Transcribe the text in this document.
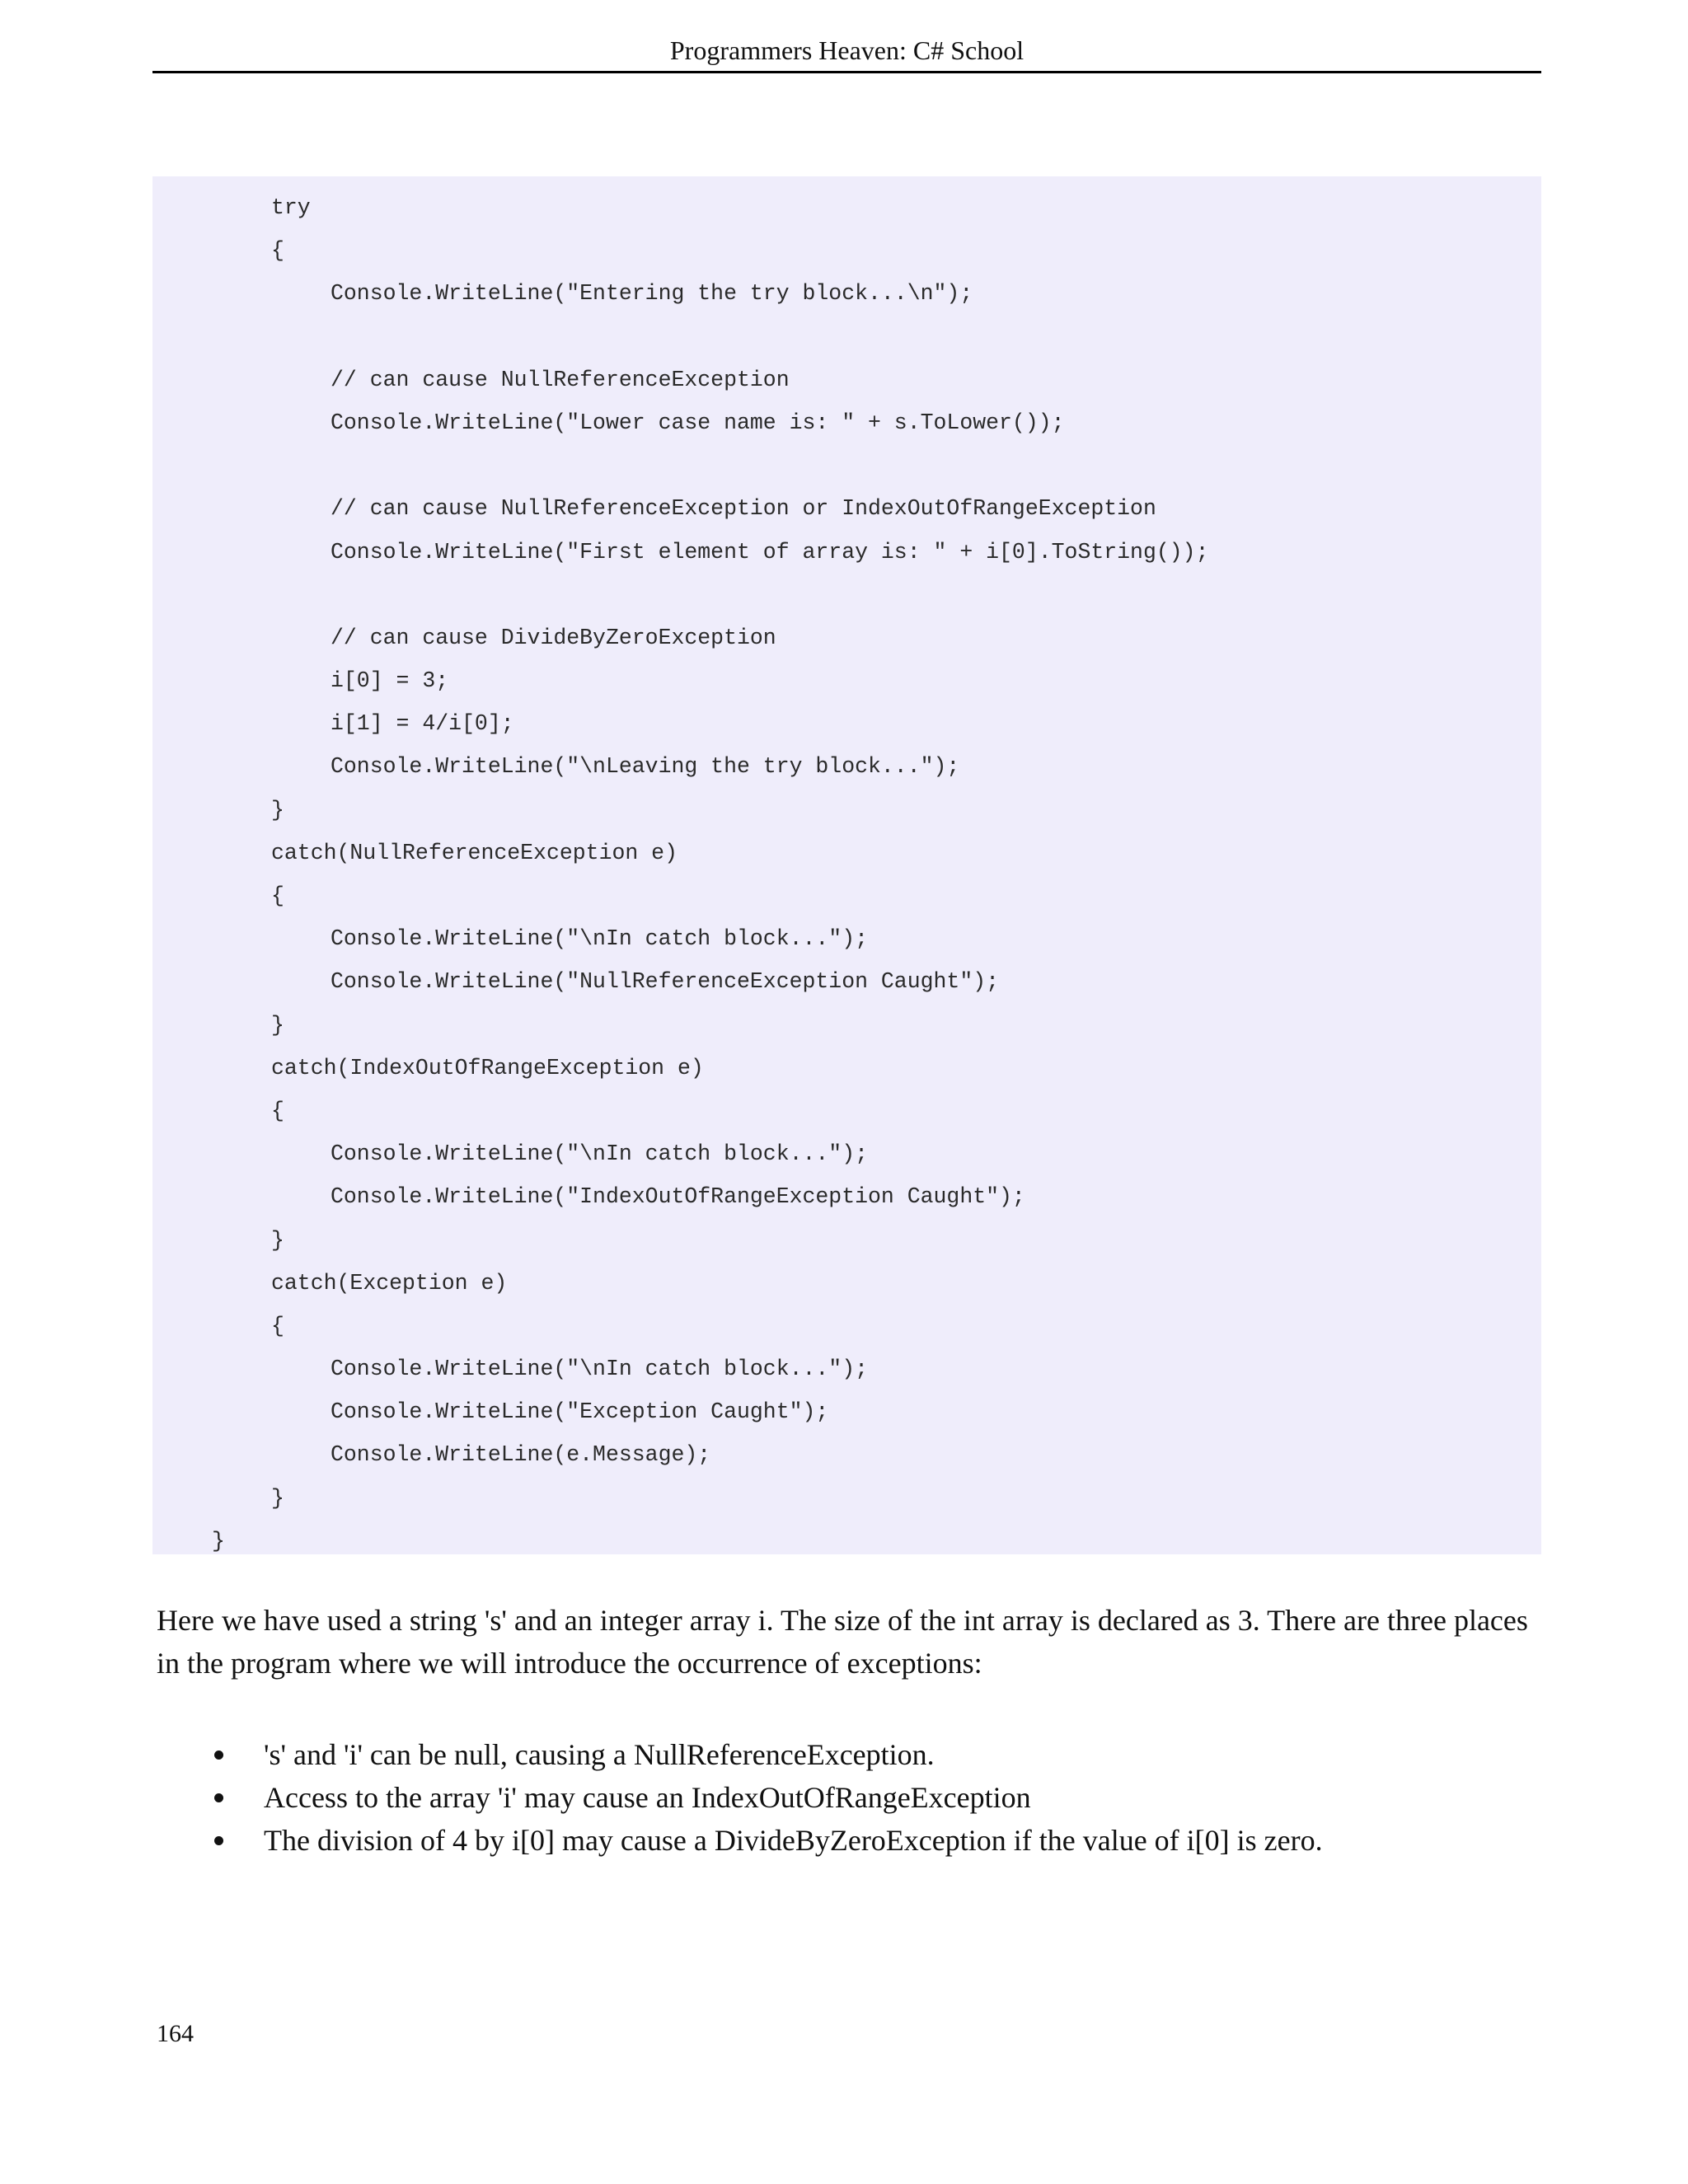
Programmers Heaven: C# School
try
{
Console.WriteLine("Entering the try block...\n");
// can cause NullReferenceException
Console.WriteLine("Lower case name is: " + s.ToLower());
// can cause NullReferenceException or IndexOutOfRangeException
Console.WriteLine("First element of array is: " + i[0].ToString());
// can cause DivideByZeroException
i[0] = 3;
i[1] = 4/i[0];
Console.WriteLine("\nLeaving the try block...");
}
catch(NullReferenceException e)
{
Console.WriteLine("\nIn catch block...");
Console.WriteLine("NullReferenceException Caught");
}
catch(IndexOutOfRangeException e)
{
Console.WriteLine("\nIn catch block...");
Console.WriteLine("IndexOutOfRangeException Caught");
}
catch(Exception e)
{
Console.WriteLine("\nIn catch block...");
Console.WriteLine("Exception Caught");
Console.WriteLine(e.Message);
}
}

Here we have used a string 's' and an integer array i. The size of the int array is declared as 3. There are three places in the program where we will introduce the occurrence of exceptions:

's' and 'i' can be null, causing a NullReferenceException.
Access to the array 'i' may cause an IndexOutOfRangeException
The division of 4 by i[0] may cause a DivideByZeroException if the value of i[0] is zero.
164
